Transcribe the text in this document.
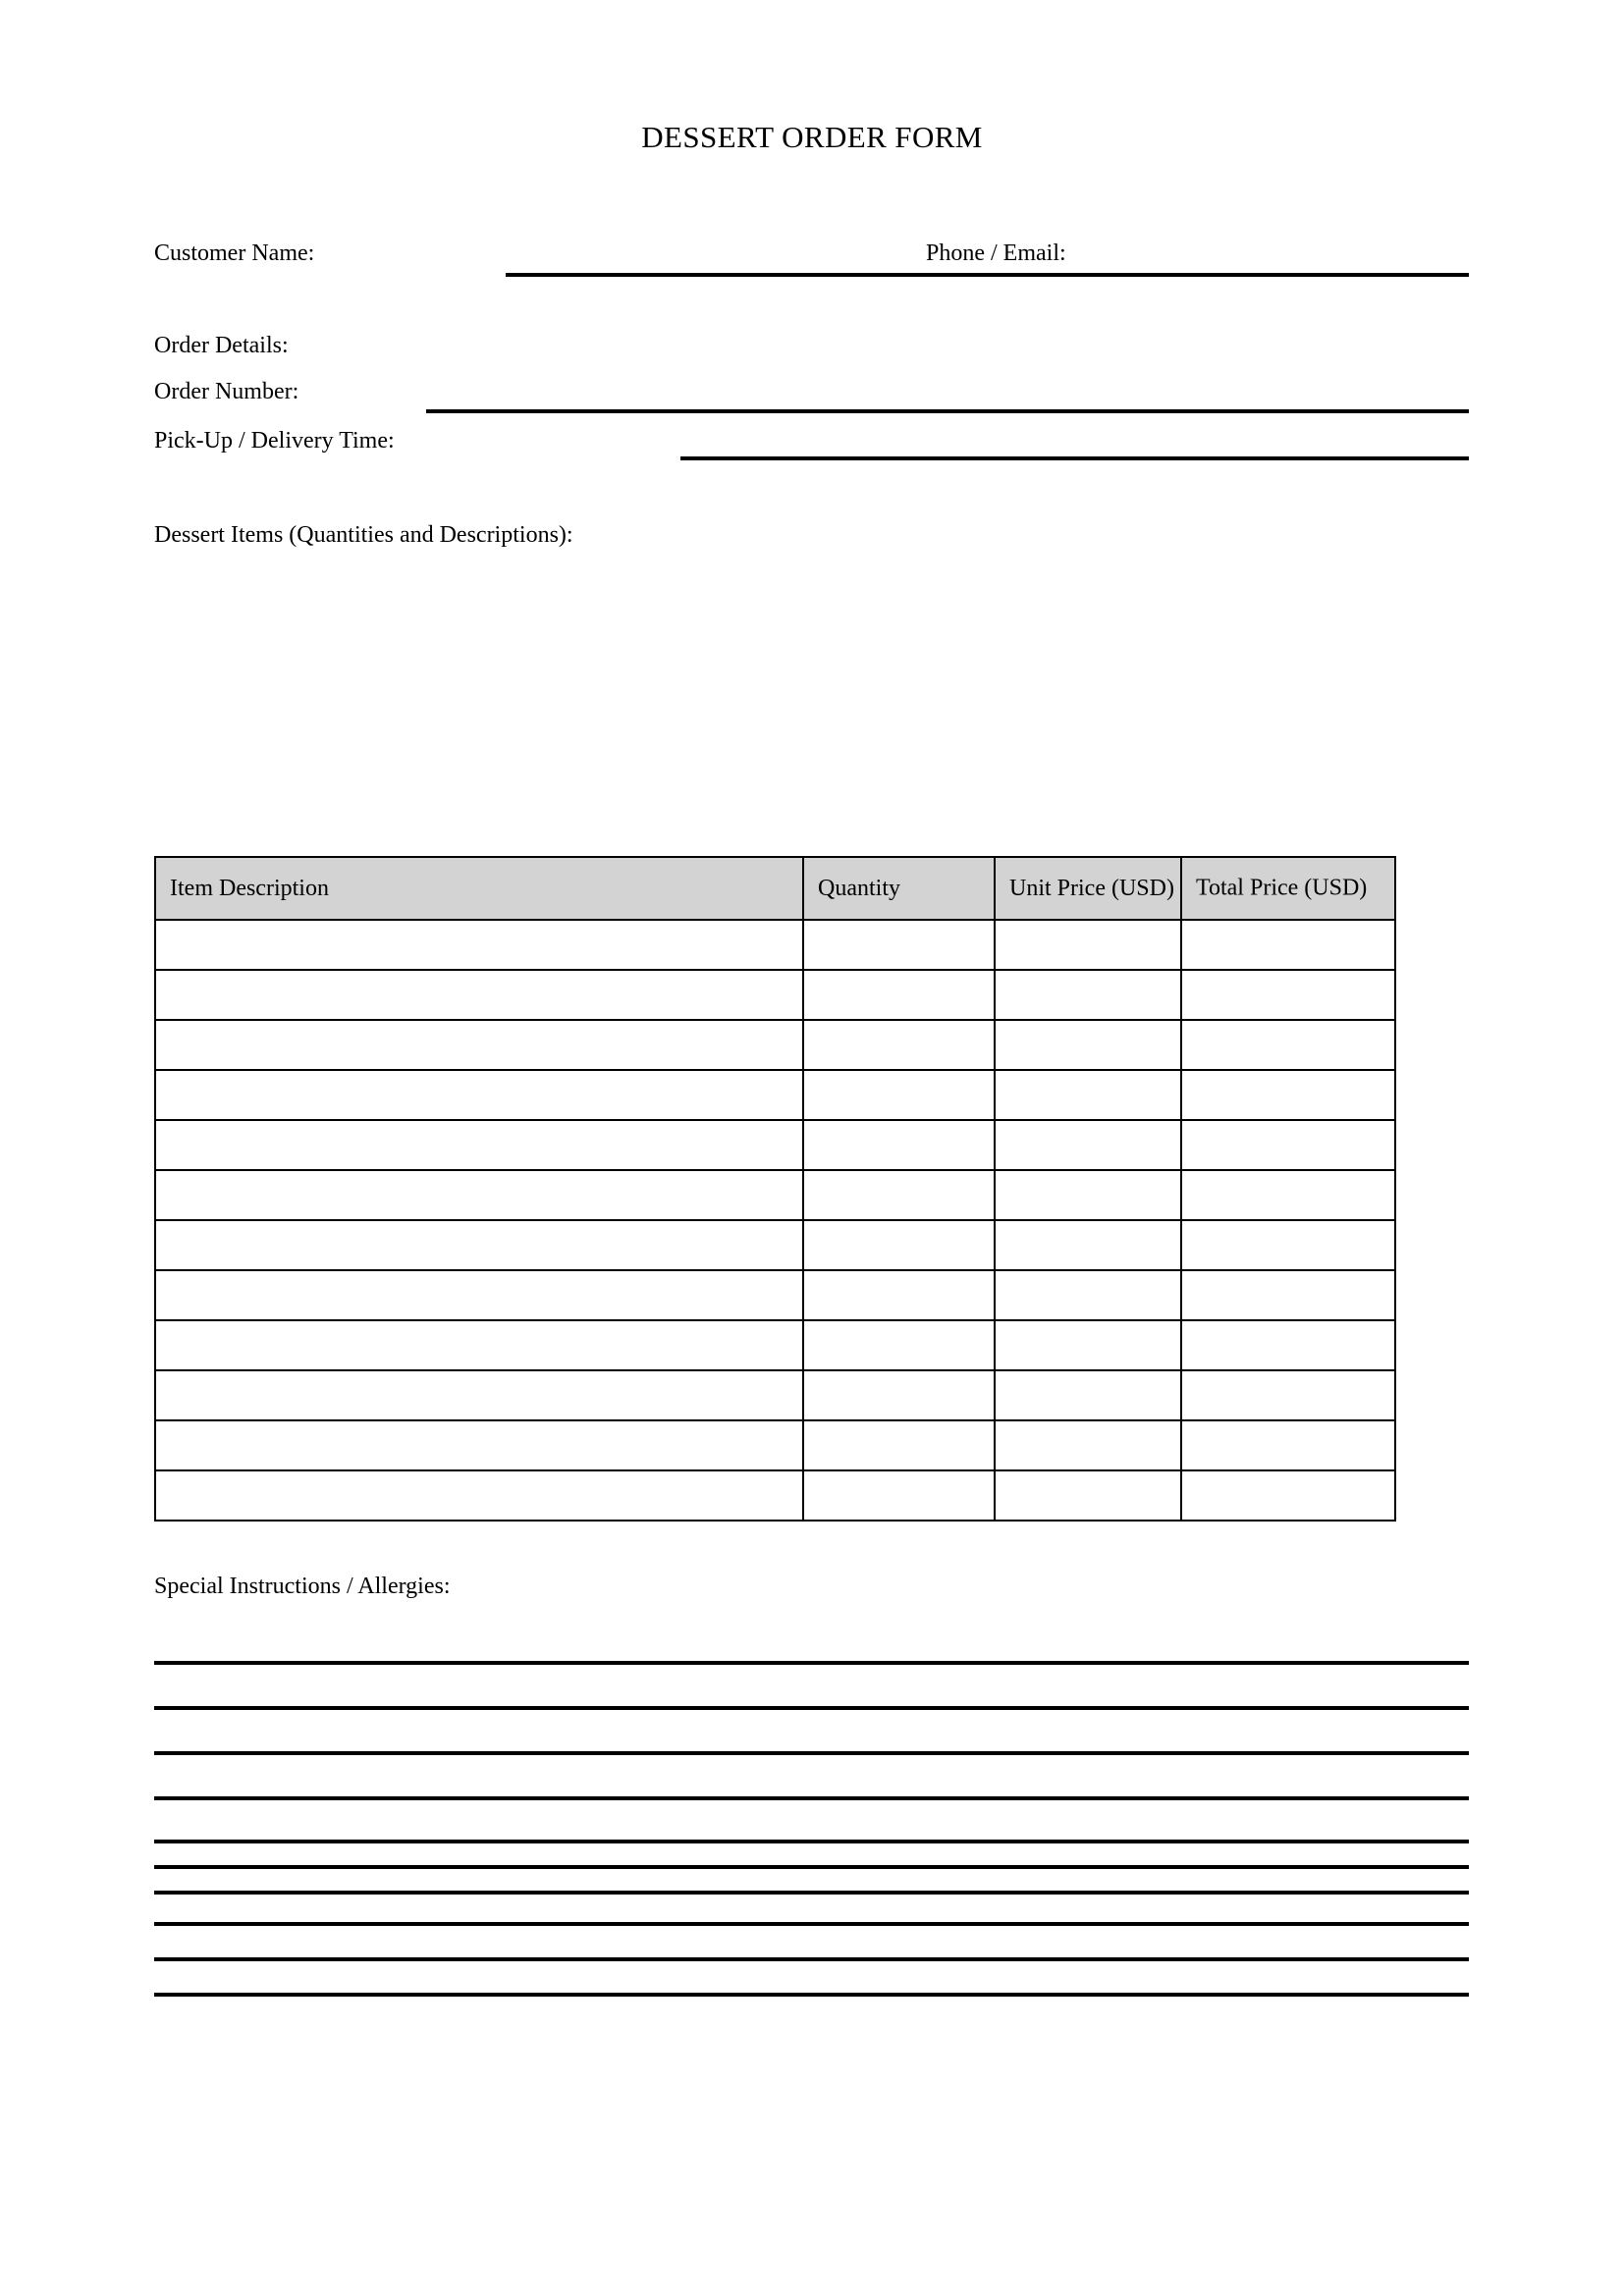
DESSERT ORDER FORM
Customer Name:	Phone / Email:
Order Details:
Order Number:
Pick-Up / Delivery Time:
Dessert Items (Quantities and Descriptions):
Item Description	Quantity	Unit Price (USD)	Total Price (USD)

Special Instructions / Allergies:
